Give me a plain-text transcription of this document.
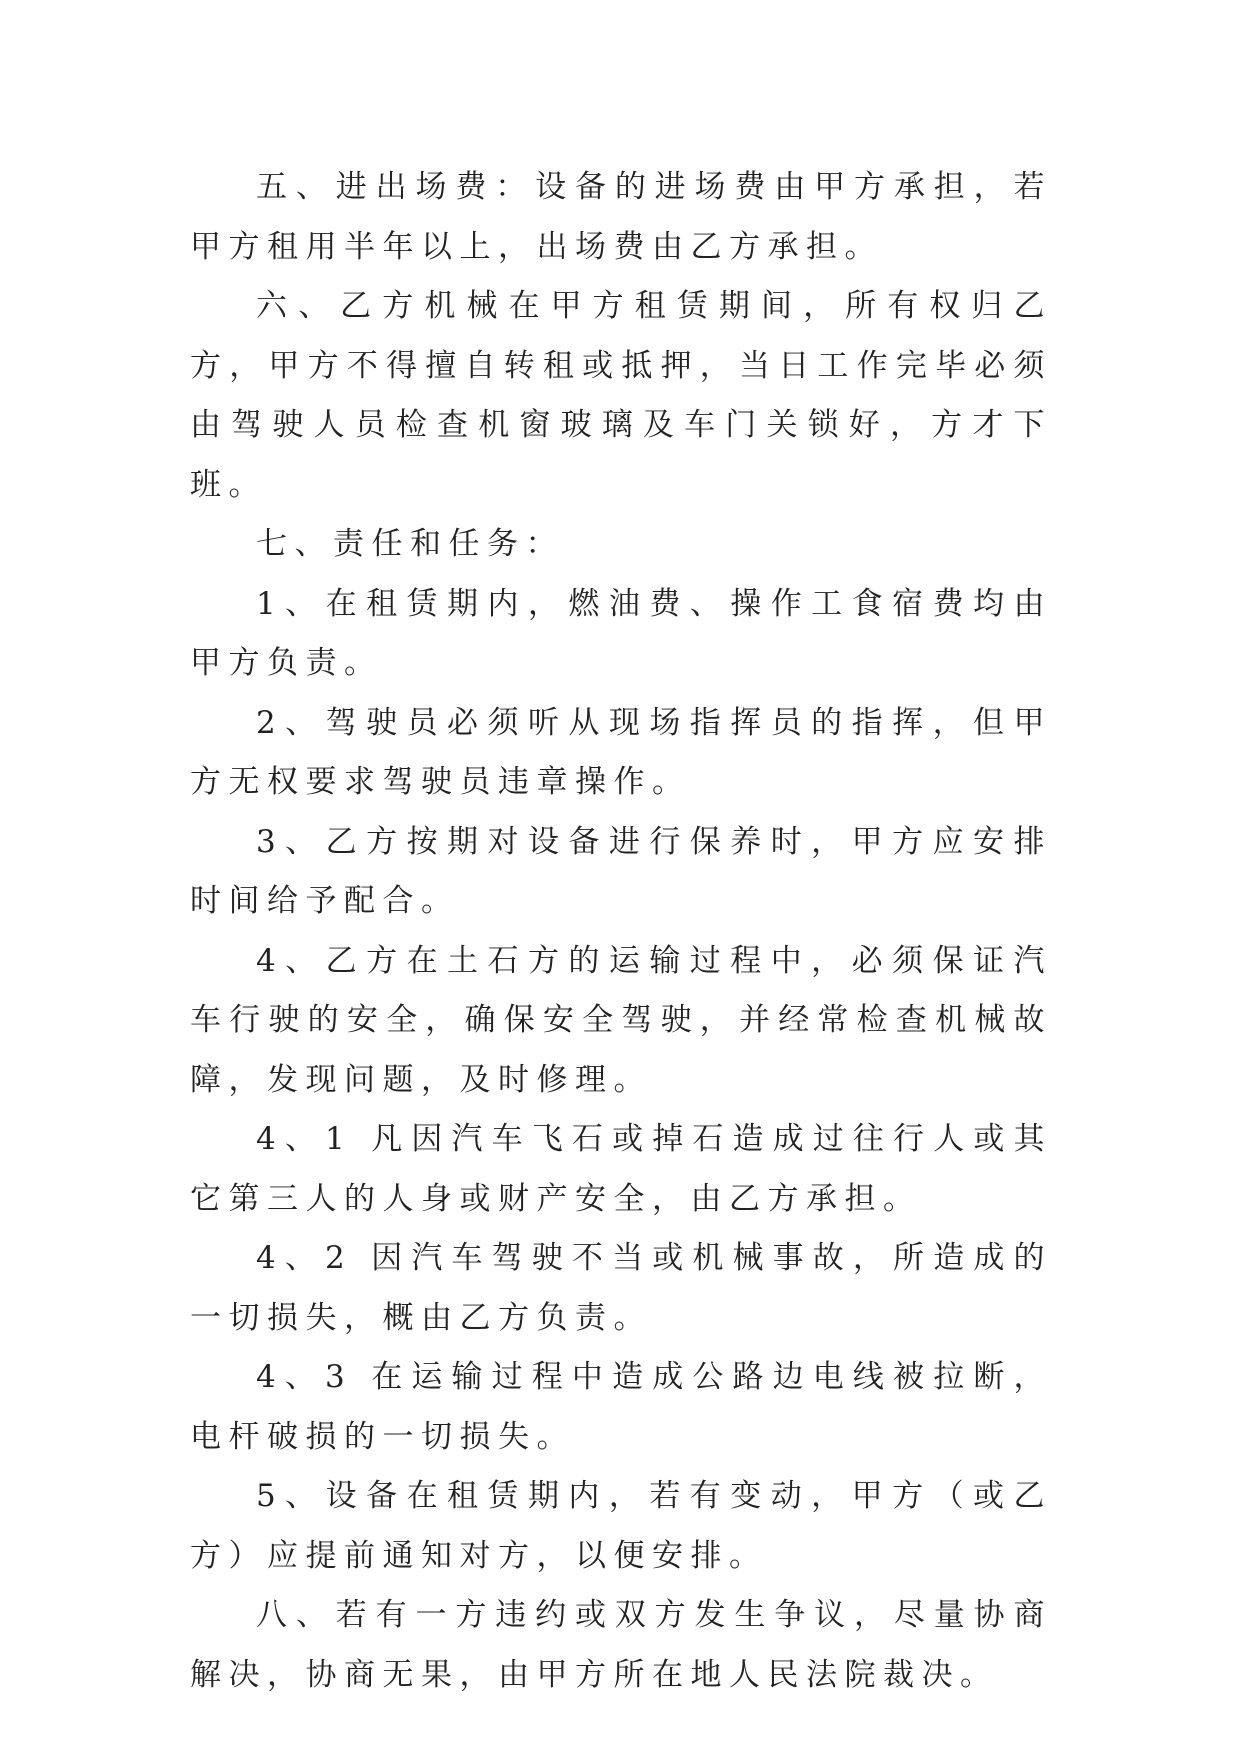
五、进出场费：设备的进场费由甲方承担，若甲方租用半年以上，出场费由乙方承担。

六、乙方机械在甲方租赁期间，所有权归乙方，甲方不得擅自转租或抵押，当日工作完毕必须由驾驶人员检查机窗玻璃及车门关锁好，方才下班。

七、责任和任务：

1、在租赁期内，燃油费、操作工食宿费均由甲方负责。

2、驾驶员必须听从现场指挥员的指挥，但甲方无权要求驾驶员违章操作。

3、乙方按期对设备进行保养时，甲方应安排时间给予配合。

4、乙方在土石方的运输过程中，必须保证汽车行驶的安全，确保安全驾驶，并经常检查机械故障，发现问题，及时修理。

4、1 凡因汽车飞石或掉石造成过往行人或其它第三人的人身或财产安全，由乙方承担。

4、2 因汽车驾驶不当或机械事故，所造成的一切损失，概由乙方负责。

4、3 在运输过程中造成公路边电线被拉断，电杆破损的一切损失。

5、设备在租赁期内，若有变动，甲方（或乙方）应提前通知对方，以便安排。

八、若有一方违约或双方发生争议，尽量协商解决，协商无果，由甲方所在地人民法院裁决。
